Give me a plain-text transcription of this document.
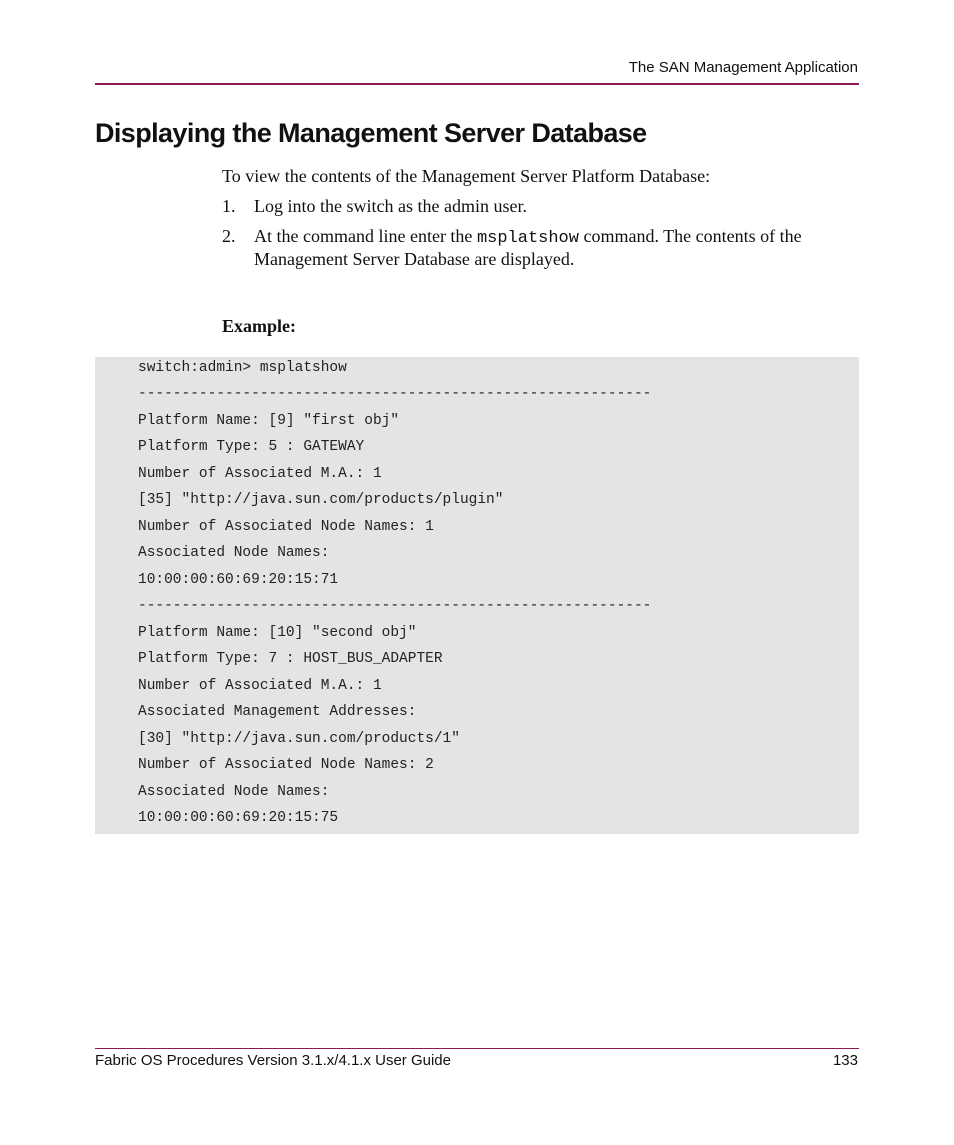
The SAN Management Application
Displaying the Management Server Database

To view the contents of the Management Server Platform Database:

1. Log into the switch as the admin user.
2. At the command line enter the msplatshow command. The contents of the Management Server Database are displayed.

Example:

switch:admin> msplatshow
-----------------------------------------------------------
Platform Name: [9] "first obj"
Platform Type: 5 : GATEWAY
Number of Associated M.A.: 1
[35] "http://java.sun.com/products/plugin"
Number of Associated Node Names: 1
Associated Node Names:
10:00:00:60:69:20:15:71
-----------------------------------------------------------
Platform Name: [10] "second obj"
Platform Type: 7 : HOST_BUS_ADAPTER
Number of Associated M.A.: 1
Associated Management Addresses:
[30] "http://java.sun.com/products/1"
Number of Associated Node Names: 2
Associated Node Names:
10:00:00:60:69:20:15:75
Fabric OS Procedures Version 3.1.x/4.1.x User Guide	133
